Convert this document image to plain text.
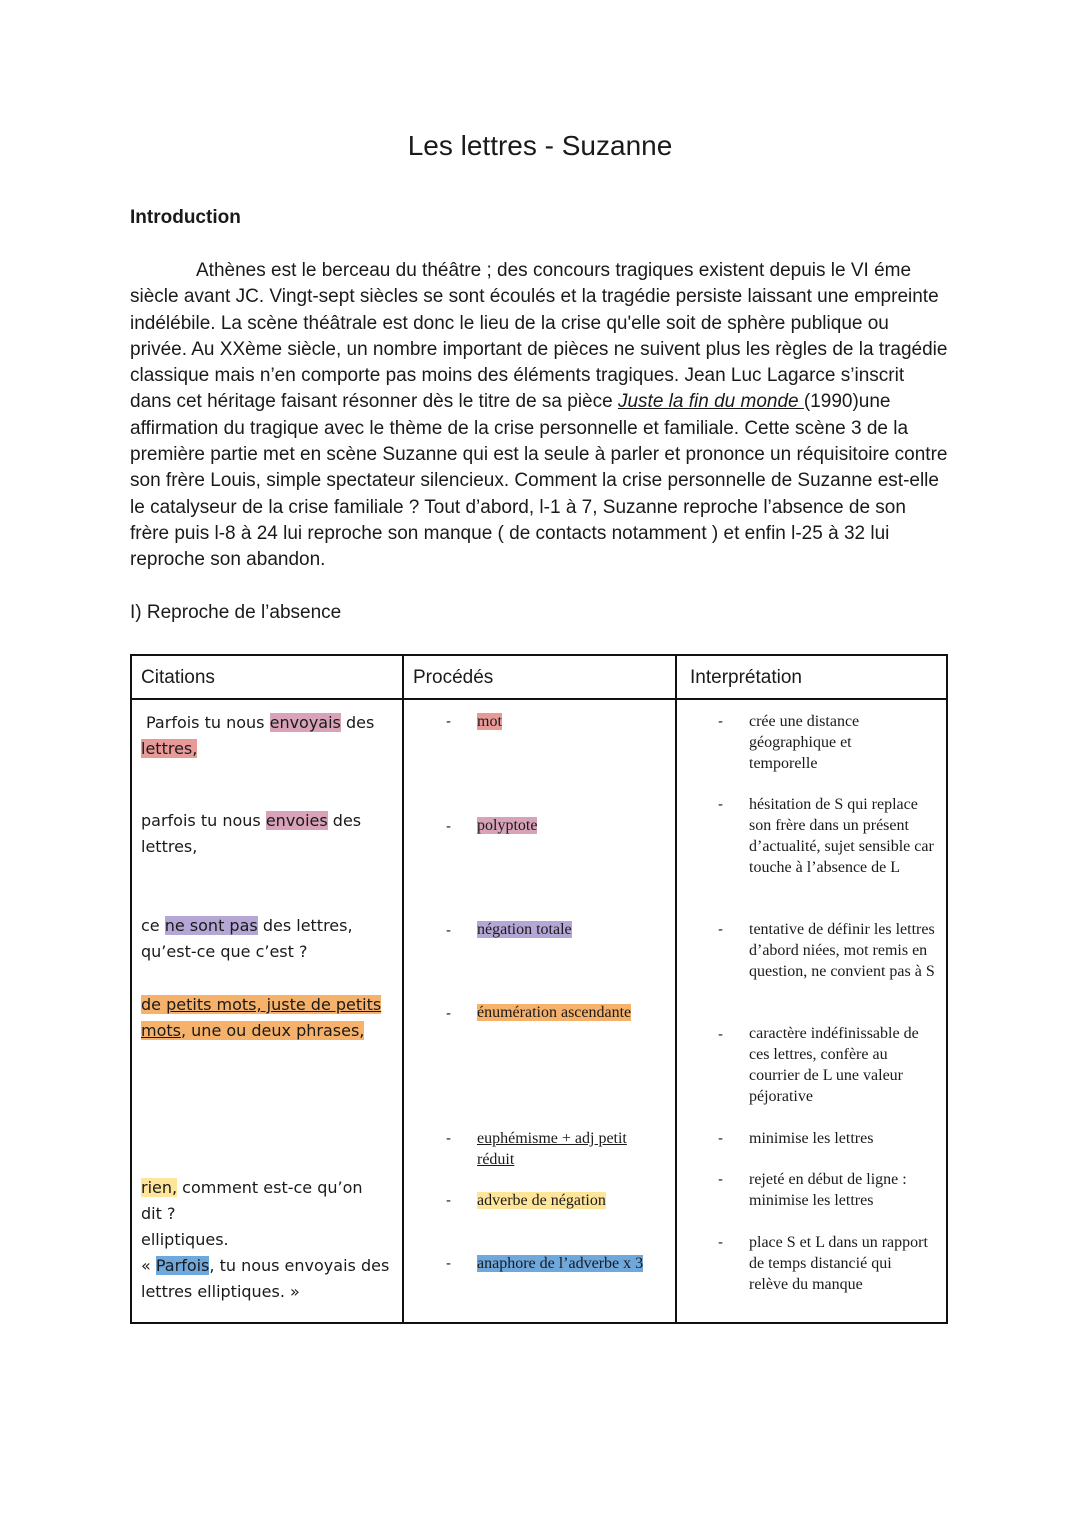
Les lettres - Suzanne
Introduction
Athènes est le berceau du théâtre ; des concours tragiques existent depuis le VI éme siècle avant JC. Vingt-sept siècles se sont écoulés et la tragédie persiste laissant une empreinte indélébile. La scène théâtrale est donc le lieu de la crise qu'elle soit de sphère publique ou privée. Au XXème siècle, un nombre important de pièces ne suivent plus les règles de la tragédie classique mais n’en comporte pas moins des éléments tragiques. Jean Luc Lagarce s’inscrit dans cet héritage faisant résonner dès le titre de sa pièce Juste la fin du monde (1990)une affirmation du tragique avec le thème de la crise personnelle et familiale. Cette scène 3 de la première partie met en scène Suzanne qui est la seule à parler et prononce un réquisitoire contre son frère Louis, simple spectateur silencieux. Comment la crise personnelle de Suzanne est-elle le catalyseur de la crise familiale ? Tout d’abord, l-1 à 7, Suzanne reproche l’absence de son frère puis l-8 à 24 lui reproche son manque ( de contacts notamment ) et enfin l-25 à 32 lui reproche son abandon.
I) Reproche de l’absence
Citations	Procédés	Interprétation
Parfois tu nous envoyais des
lettres,
parfois tu nous envoies des
lettres,
ce ne sont pas des lettres,
qu’est-ce que c’est ?
de petits mots, juste de petits
mots, une ou deux phrases,
rien, comment est-ce qu’on
dit ?
elliptiques.
« Parfois, tu nous envoyais des
lettres elliptiques. »
- mot
- polyptote
- négation totale
- énumération ascendante
- euphémisme + adj petit réduit
- adverbe de négation
- anaphore de l’adverbe x 3
- crée une distance géographique et temporelle
- hésitation de S qui replace son frère dans un présent d’actualité, sujet sensible car touche à l’absence de L
- tentative de définir les lettres d’abord niées, mot remis en question, ne convient pas à S
- caractère indéfinissable de ces lettres, confère au courrier de L une valeur péjorative
- minimise les lettres
- rejeté en début de ligne : minimise les lettres
- place S et L dans un rapport de temps distancié qui relève du manque
